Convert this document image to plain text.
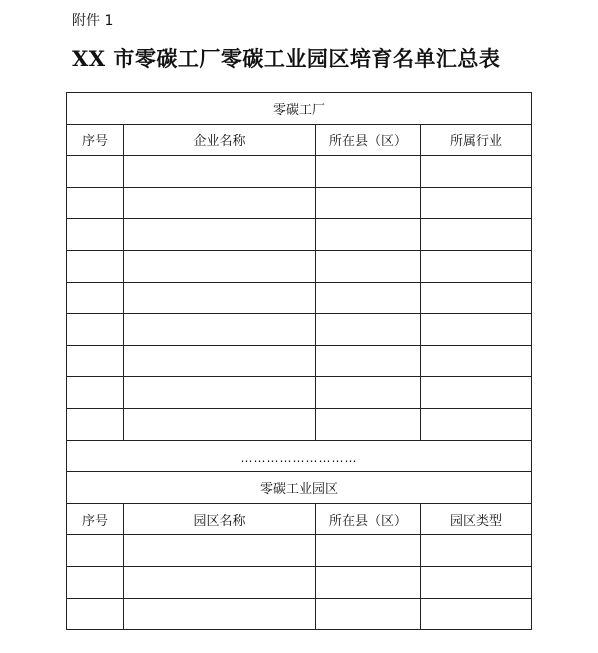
附件 1
XX 市零碳工厂零碳工业园区培育名单汇总表
零碳工厂			
序号	企业名称	所在县（区）	所属行业

………………………			
零碳工业园区			
序号	园区名称	所在县（区）	园区类型
